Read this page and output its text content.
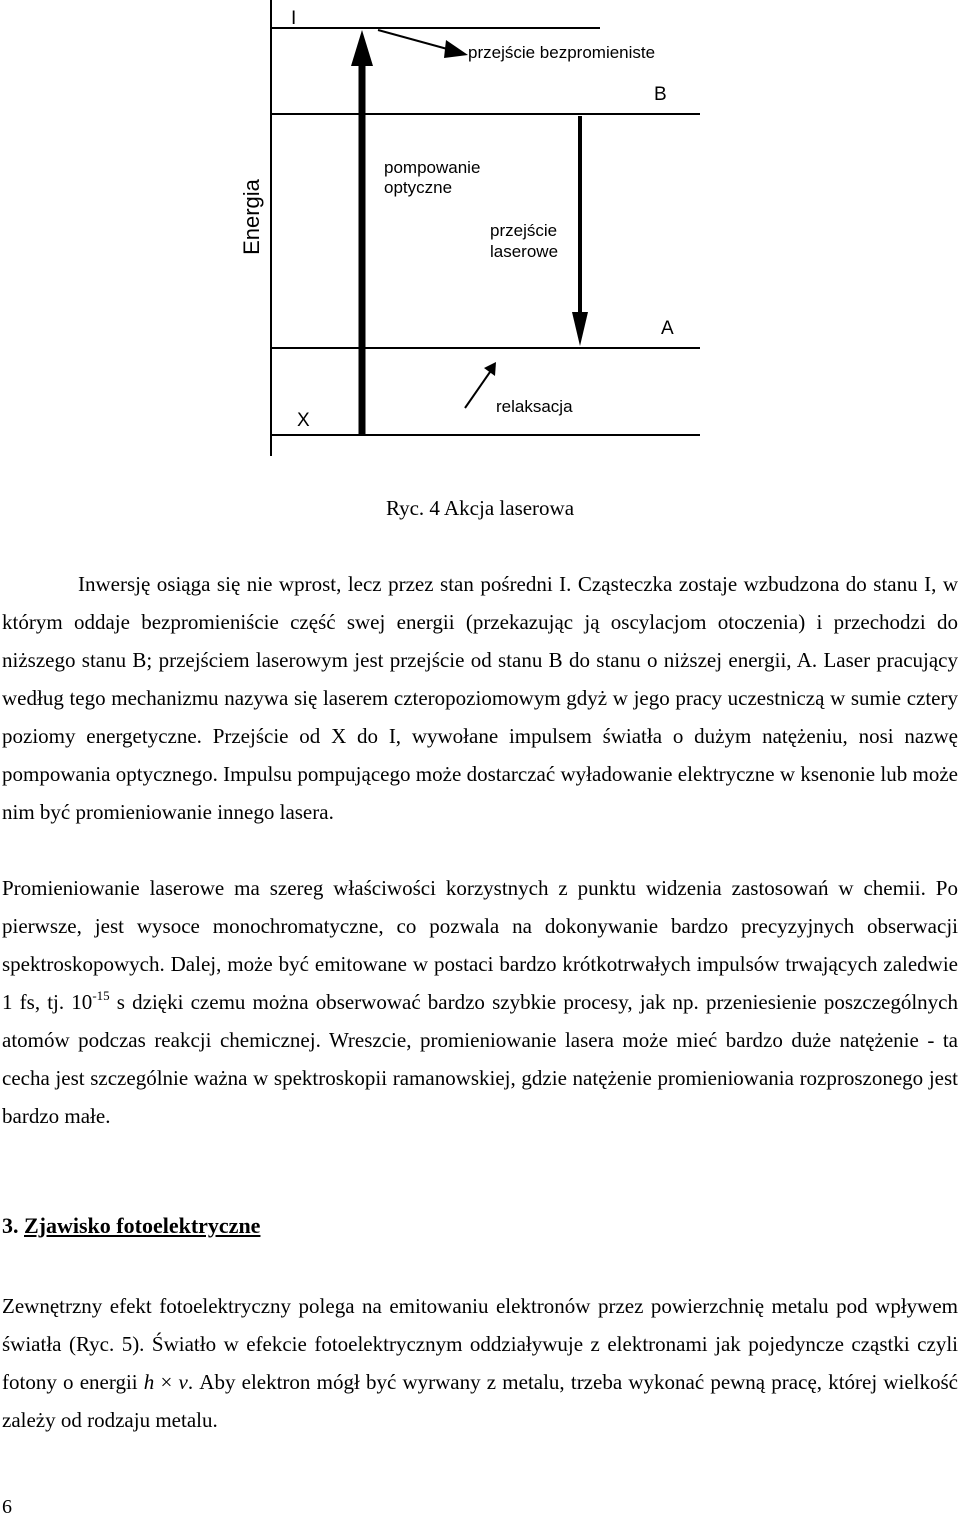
Energia
I
B
A
X
przejście bezpromieniste
pompowanie
optyczne
przejście
laserowe
relaksacja
Ryc. 4 Akcja laserowa
Inwersję osiąga się nie wprost, lecz przez stan pośredni I. Cząsteczka zostaje wzbudzona do stanu I, w którym oddaje bezpromieniście część swej energii (przekazując ją oscylacjom otoczenia) i przechodzi do niższego stanu B; przejściem laserowym jest przejście od stanu B do stanu o niższej energii, A. Laser pracujący według tego mechanizmu nazywa się laserem czteropoziomowym gdyż w jego pracy uczestniczą w sumie cztery poziomy energetyczne. Przejście od X do I, wywołane impulsem światła o dużym natężeniu, nosi nazwę pompowania optycznego. Impulsu pompującego może dostarczać wyładowanie elektryczne w ksenonie lub może nim być promieniowanie innego lasera.
Promieniowanie laserowe ma szereg właściwości korzystnych z punktu widzenia zastosowań w chemii. Po pierwsze, jest wysoce monochromatyczne, co pozwala na dokonywanie bardzo precyzyjnych obserwacji spektroskopowych. Dalej, może być emitowane w postaci bardzo krótkotrwałych impulsów trwających zaledwie 1 fs, tj. $10^{-15}$ s dzięki czemu można obserwować bardzo szybkie procesy, jak np. przeniesienie poszczególnych atomów podczas reakcji chemicznej. Wreszcie, promieniowanie lasera może mieć bardzo duże natężenie - ta cecha jest szczególnie ważna w spektroskopii ramanowskiej, gdzie natężenie promieniowania rozproszonego jest bardzo małe.
3. Zjawisko fotoelektryczne
Zewnętrzny efekt fotoelektryczny polega na emitowaniu elektronów przez powierzchnię metalu pod wpływem światła (Ryc. 5). Światło w efekcie fotoelektrycznym oddziaływuje z elektronami jak pojedyncze cząstki czyli fotony o energii h × ν. Aby elektron mógł być wyrwany z metalu, trzeba wykonać pewną pracę, której wielkość zależy od rodzaju metalu.
6
